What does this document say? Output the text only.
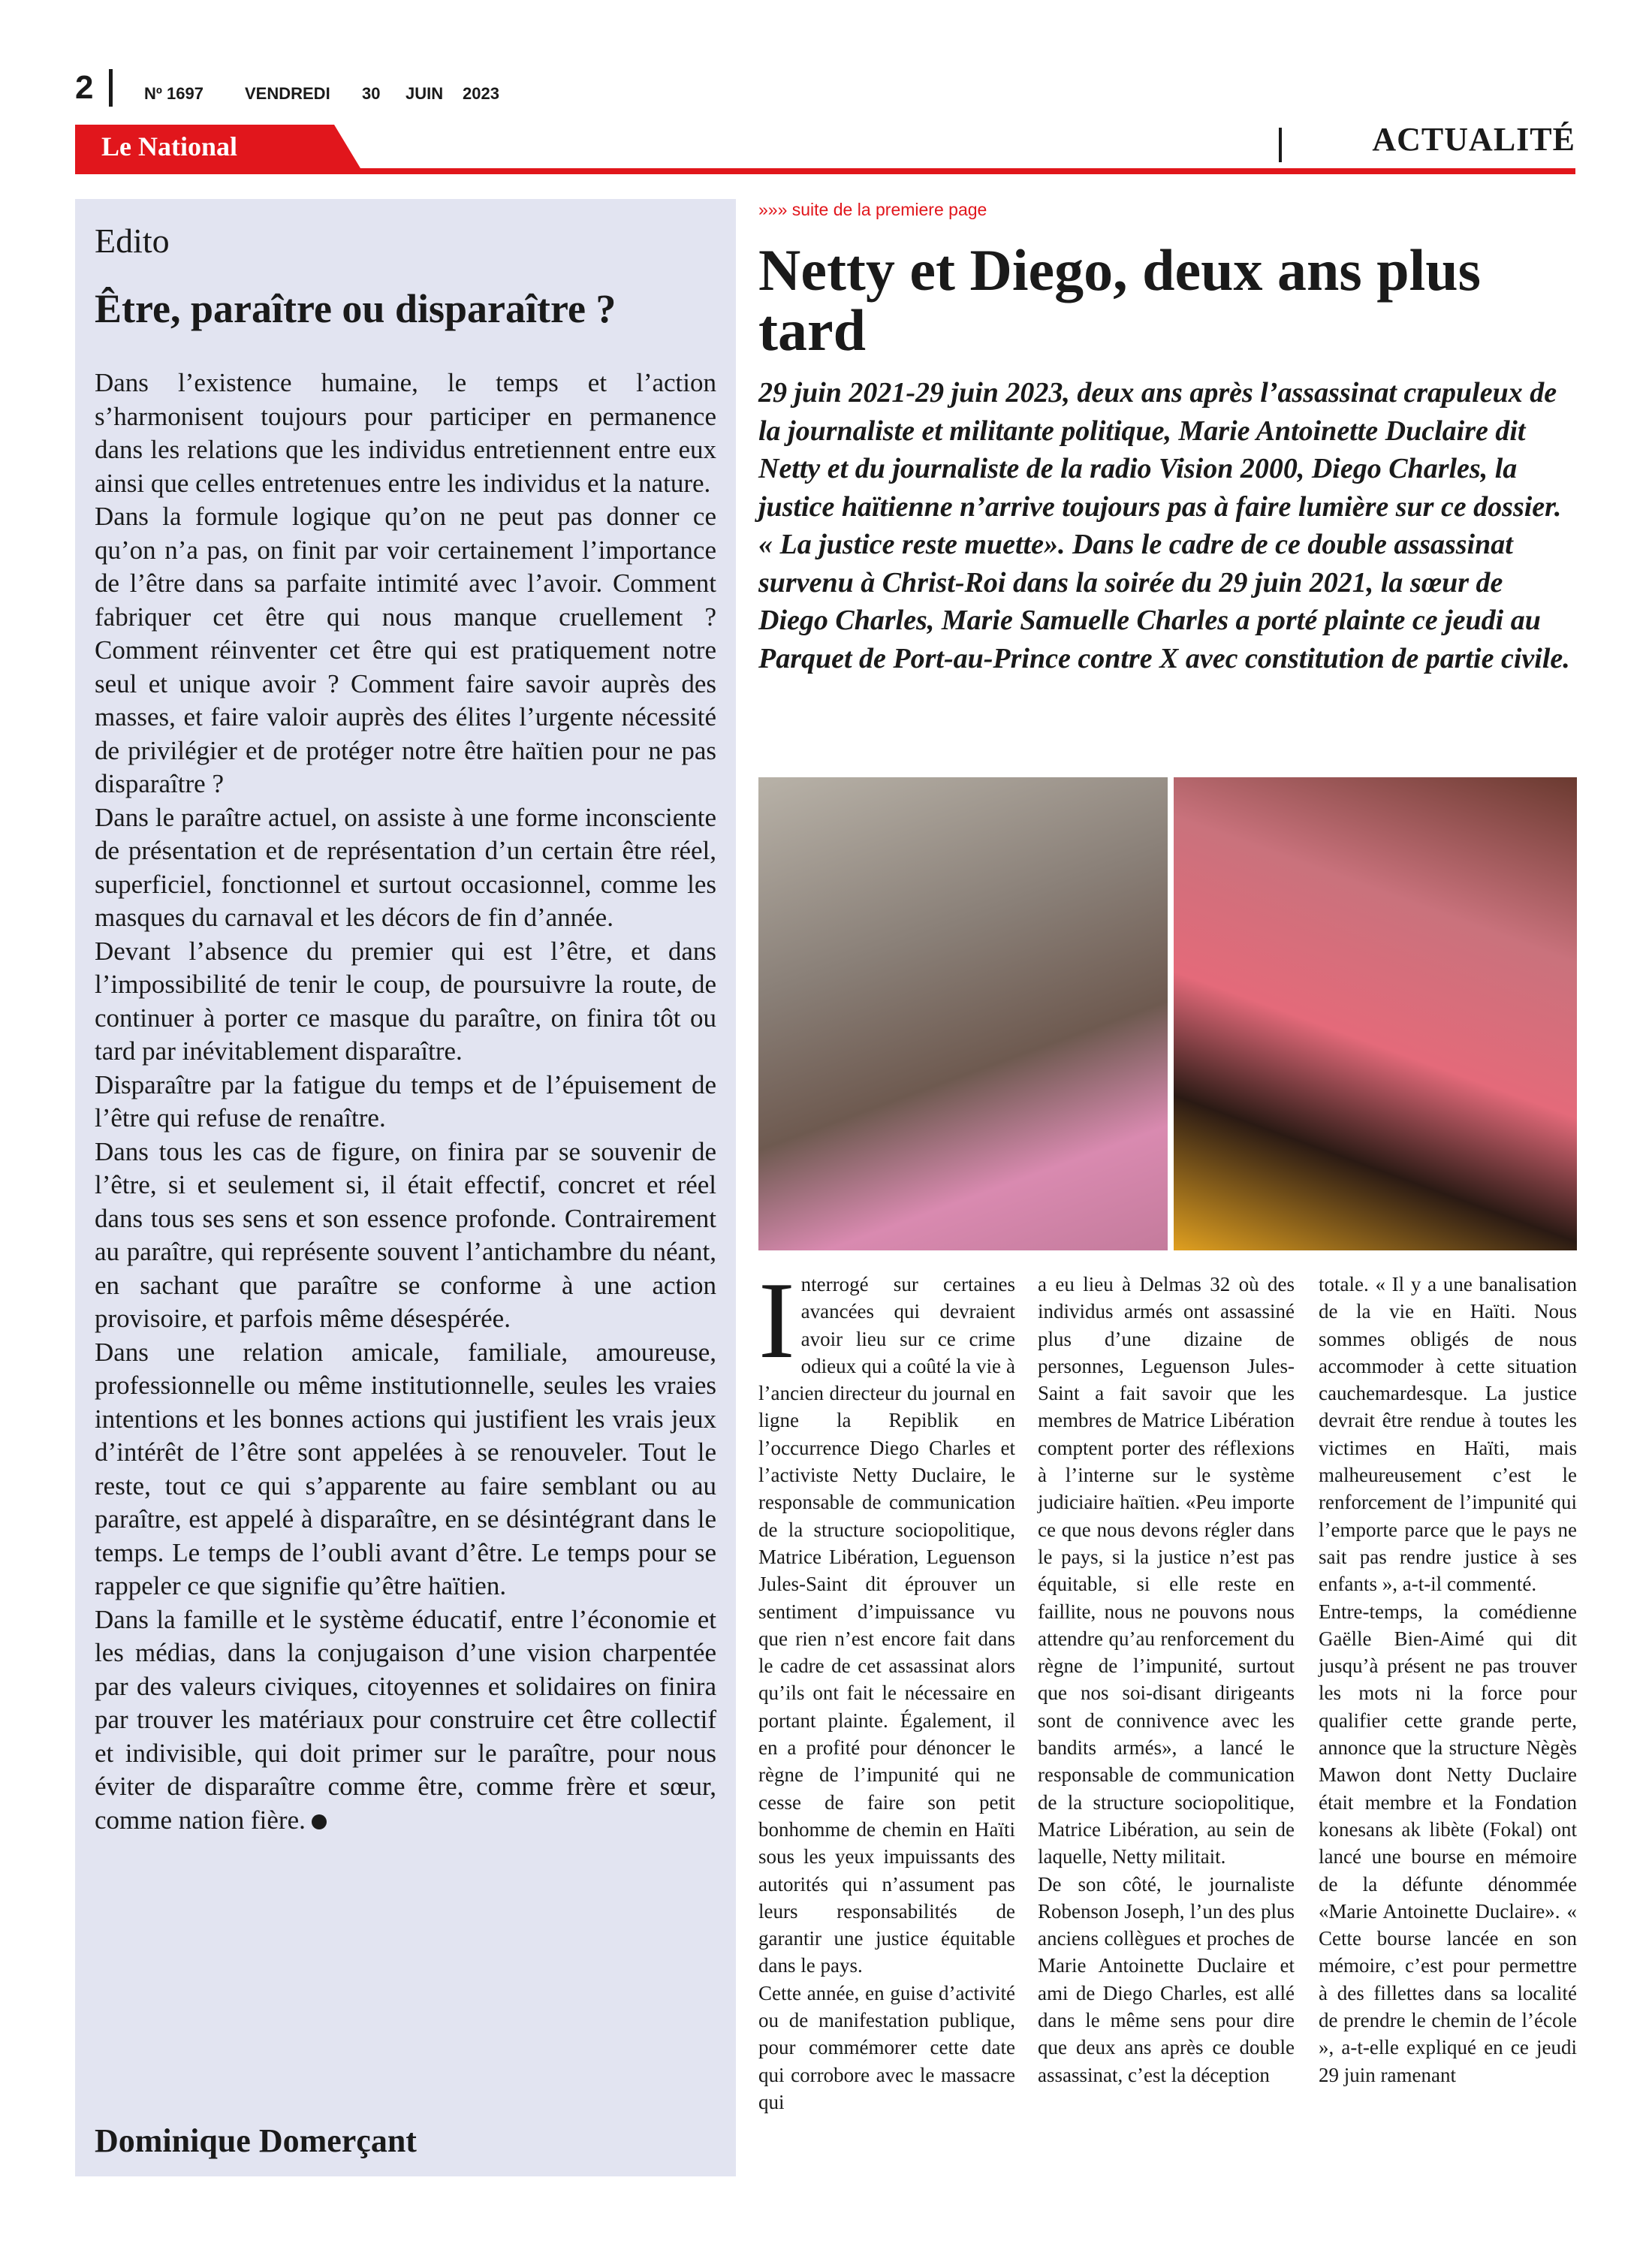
2	Nº 1697	VENDREDI 30 JUIN 2023
Le National	ACTUALITÉ
Edito
Être, paraître ou disparaître ?

Dans l’existence humaine, le temps et l’action s’harmonisent toujours pour participer en permanence dans les relations que les individus entretiennent entre eux ainsi que celles entretenues entre les individus et la nature.

Dans la formule logique qu’on ne peut pas donner ce qu’on n’a pas, on finit par voir certainement l’importance de l’être dans sa parfaite intimité avec l’avoir. Comment fabriquer cet être qui nous manque cruellement ? Comment réinventer cet être qui est pratiquement notre seul et unique avoir ? Comment faire savoir auprès des masses, et faire valoir auprès des élites l’urgente nécessité de privilégier et de protéger notre être haïtien pour ne pas disparaître ?

Dans le paraître actuel, on assiste à une forme inconsciente de présentation et de représentation d’un certain être réel, superficiel, fonctionnel et surtout occasionnel, comme les masques du carnaval et les décors de fin d’année.

Devant l’absence du premier qui est l’être, et dans l’impossibilité de tenir le coup, de poursuivre la route, de continuer à porter ce masque du paraître, on finira tôt ou tard par inévitablement disparaître.

Disparaître par la fatigue du temps et de l’épuisement de l’être qui refuse de renaître.

Dans tous les cas de figure, on finira par se souvenir de l’être, si et seulement si, il était effectif, concret et réel dans tous ses sens et son essence profonde. Contrairement au paraître, qui représente souvent l’antichambre du néant, en sachant que paraître se conforme à une action provisoire, et parfois même désespérée.

Dans une relation amicale, familiale, amoureuse, professionnelle ou même institutionnelle, seules les vraies intentions et les bonnes actions qui justifient les vrais jeux d’intérêt de l’être sont appelées à se renouveler. Tout le reste, tout ce qui s’apparente au faire semblant ou au paraître, est appelé à disparaître, en se désintégrant dans le temps. Le temps de l’oubli avant d’être. Le temps pour se rappeler ce que signifie qu’être haïtien.

Dans la famille et le système éducatif, entre l’économie et les médias, dans la conjugaison d’une vision charpentée par des valeurs civiques, citoyennes et solidaires on finira par trouver les matériaux pour construire cet être collectif et indivisible, qui doit primer sur le paraître, pour nous éviter de disparaître comme être, comme frère et sœur, comme nation fière.

Dominique Domerçant
»»» suite de la premiere page
Netty et Diego, deux ans plus tard
29 juin 2021-29 juin 2023, deux ans après l’assassinat crapuleux de la journaliste et militante politique, Marie Antoinette Duclaire dit Netty et du journaliste de la radio Vision 2000, Diego Charles, la justice haïtienne n’arrive toujours pas à faire lumière sur ce dossier. « La justice reste muette». Dans le cadre de ce double assassinat survenu à Christ-Roi dans la soirée du 29 juin 2021, la sœur de Diego Charles, Marie Samuelle Charles a porté plainte ce jeudi au Parquet de Port-au-Prince contre X avec constitution de partie civile.
I nterrogé sur certaines avancées qui devraient avoir lieu sur ce crime odieux qui a coûté la vie à l’ancien directeur du journal en ligne la Repiblik en l’occurrence Diego Charles et l’activiste Netty Duclaire, le responsable de communication de la structure sociopolitique, Matrice Libération, Leguenson Jules-Saint dit éprouver un sentiment d’impuissance vu que rien n’est encore fait dans le cadre de cet assassinat alors qu’ils ont fait le nécessaire en portant plainte. Également, il en a profité pour dénoncer le règne de l’impunité qui ne cesse de faire son petit bonhomme de chemin en Haïti sous les yeux impuissants des autorités qui n’assument pas leurs responsabilités de garantir une justice équitable dans le pays.

Cette année, en guise d’activité ou de manifestation publique, pour commémorer cette date qui corrobore avec le massacre qui

a eu lieu à Delmas 32 où des individus armés ont assassiné plus d’une dizaine de personnes, Leguenson Jules-Saint a fait savoir que les membres de Matrice Libération comptent porter des réflexions à l’interne sur le système judiciaire haïtien. «Peu importe ce que nous devons régler dans le pays, si la justice n’est pas équitable, si elle reste en faillite, nous ne pouvons nous attendre qu’au renforcement du règne de l’impunité, surtout que nos soi-disant dirigeants sont de connivence avec les bandits armés», a lancé le responsable de communication de la structure sociopolitique, Matrice Libération, au sein de laquelle, Netty militait.

De son côté, le journaliste Robenson Joseph, l’un des plus anciens collègues et proches de Marie Antoinette Duclaire et ami de Diego Charles, est allé dans le même sens pour dire que deux ans après ce double assassinat, c’est la déception

totale. « Il y a une banalisation de la vie en Haïti. Nous sommes obligés de nous accommoder à cette situation cauchemardesque. La justice devrait être rendue à toutes les victimes en Haïti, mais malheureusement c’est le renforcement de l’impunité qui l’emporte parce que le pays ne sait pas rendre justice à ses enfants », a-t-il commenté.

Entre-temps, la comédienne Gaëlle Bien-Aimé qui dit jusqu’à présent ne pas trouver les mots ni la force pour qualifier cette grande perte, annonce que la structure Nègès Mawon dont Netty Duclaire était membre et la Fondation konesans ak libète (Fokal) ont lancé une bourse en mémoire de la défunte dénommée «Marie Antoinette Duclaire». « Cette bourse lancée en son mémoire, c’est pour permettre à des fillettes dans sa localité de prendre le chemin de l’école », a-t-elle expliqué en ce jeudi 29 juin ramenant
